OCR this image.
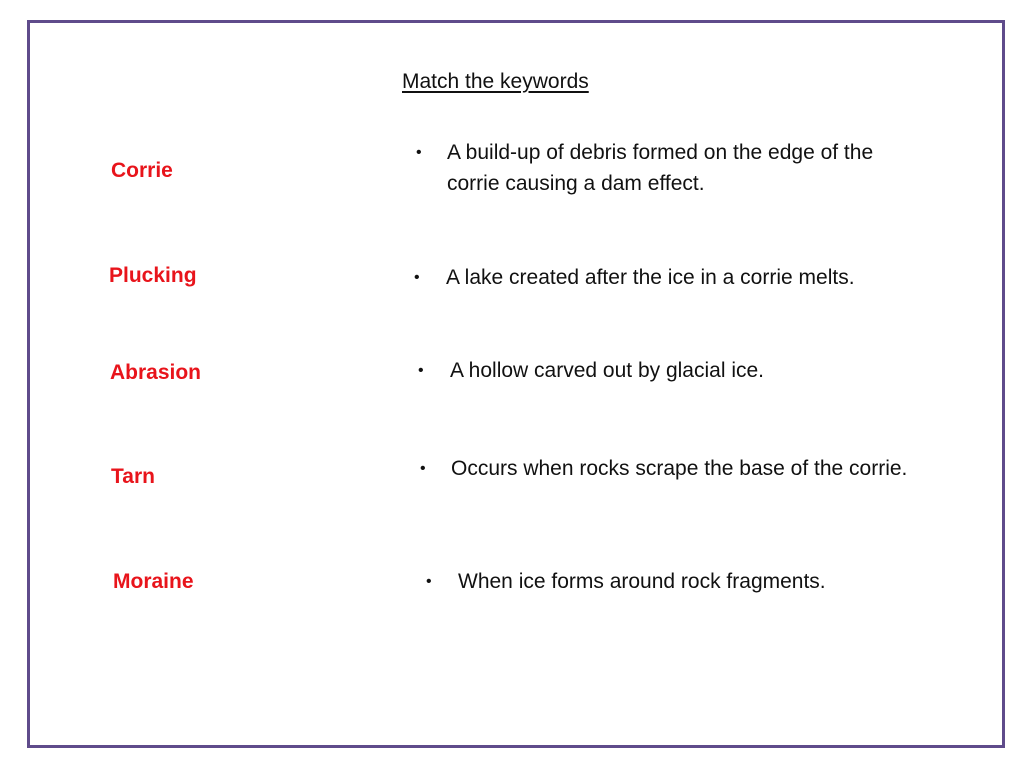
Match the keywords
Corrie
Plucking
Abrasion
Tarn
Moraine
• A build-up of debris formed on the edge of the corrie causing a dam effect.
• A lake created after the ice in a corrie melts.
• A hollow carved out by glacial ice.
• Occurs when rocks scrape the base of the corrie.
• When ice forms around rock fragments.
